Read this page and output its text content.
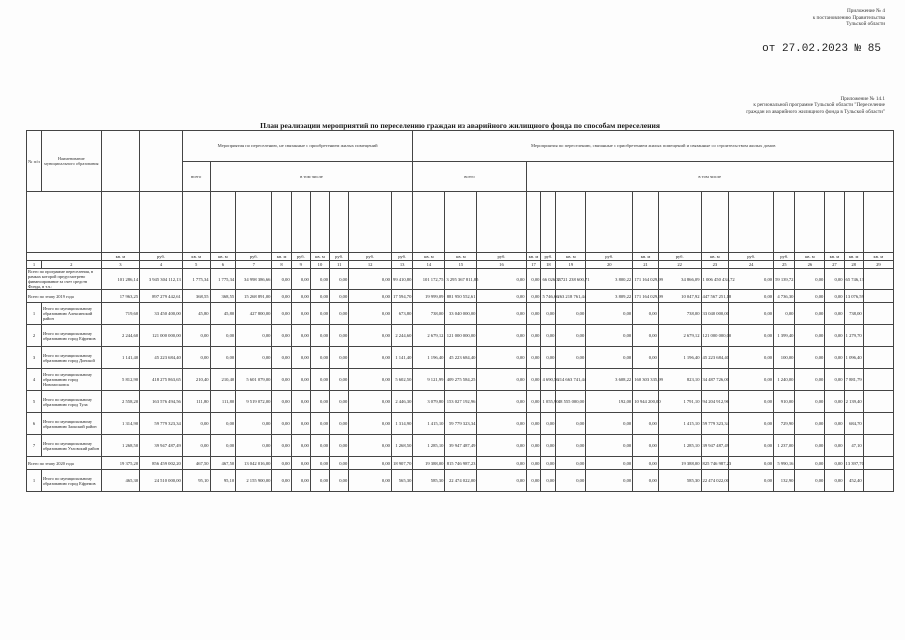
Приложение № 4
к постановлению Правительства
Тульской области
от 27.02.2023 № 85
Приложение № 14.1
к региональной программе Тульской области "Переселение
граждан из аварийного жилищного фонда в Тульской области"
План реализации мероприятий по переселению граждан из аварийного жилищного фонда по способам переселения
№ п/п	Наименование муниципального образования			Мероприятия по переселению, не связанные с приобретением жилых помещений									Мероприятия по переселению, связанные с приобретением жилых помещений и связанные со строительством жилых домов															
				всего	в том числе								всего			в том числе												

		кв. м	руб.	кв. м	кв. м	руб.	кв. м	руб.	кв. м	руб.	руб.	руб.	кв. м	кв. м	руб.	кв. м	руб.	кв. м	руб.	кв. м	руб.	кв. м	руб.	руб.	кв. м	кв. м	кв. м	кв. м
1	2	3	4	5	6	7	8	9	10	11	12	13	14	15	16	17	18	19	20	21	22	23	24	25	26	27	28	29
Всего по программе переселения, в рамках которой предусмотрено финансирование за счет средств Фонда, в т.ч.:		101 286,14	3 945 304 112,13	1 775,34	1 775,34	34 998 386,66	0,00	0,00	0,00	0,00	0,00	99 410,80	101 172,75	3 295 367 811,85	0,00	0,00	66 026,33	2 721 238 600,71	3 800,22	171 164 029,99	34 866,09	1 006 450 434,72	0,00	59 139,72	0,00	0,00	65 746,13	
Всего по этапу 2019 года		17 963,25	897 279 442,61	368,55	368,55	15 268 891,00	0,00	0,00	0,00	0,00	0,00	17 594,70	19 999,09	881 950 552,61	0,00	0,00	5 746,66	263 218 761,44	3 809,22	171 164 029,99	10 047,92	447 567 251,18	0,00	4 736,30	0,00	0,00	13 076,59	
1	Итого по муниципальному образованию Алексинский район	719,60	33 450 400,00	45,80	45,80	427 800,00	0,00	0,00	0,00	0,00	0,00	673,80	738,00	33 040 000,00	0,00	0,00	0,00	0,00	0,00	0,00	738,00	33 040 000,00	0,00	0,00	0,00	0,00	738,00	
2	Итого по муниципальному образованию город Ефремов	2 244,60	121 000 000,00	0,00	0,00	0,00	0,00	0,00	0,00	0,00	0,00	2 244,60	2 679,12	121 000 000,00	0,00	0,00	0,00	0,00	0,00	0,00	2 679,12	121 000 000,00	0,00	1 399,40	0,00	0,00	1 279,70	
3	Итого по муниципальному образованию город Донской	1 141,40	45 223 684,40	0,00	0,00	0,00	0,00	0,00	0,00	0,00	0,00	1 141,40	1 196,40	45 223 684,40	0,00	0,00	0,00	0,00	0,00	0,00	1 196,40	45 223 684,40	0,00	100,00	0,00	0,00	1 096,40	
4	Итого по муниципальному образованию город Новомосковск	5 812,90	418 275 863,65	210,40	210,40	5 601 079,00	0,00	0,00	0,00	0,00	0,00	5 602,50	9 121,99	409 275 584,25	0,00	0,00	4 690,56	214 663 741,44	3 608,22	160 303 335,99	823,10	34 487 726,00	0,00	1 240,00	0,00	0,00	7 881,79	
5	Итого по муниципальному образованию город Тула	2 558,20	163 576 494,56	111,80	111,80	9 519 072,00	0,00	0,00	0,00	0,00	0,00	2 446,30	3 079,80	153 027 192,96	0,00	0,00	1 055,90	48 555 000,00	192,00	10 944 200,00	1 791,10	94 204 912,96	0,00	910,00	0,00	0,00	2 139,40	
6	Итого по муниципальному образованию Заокский район	1 314,90	59 779 323,34	0,00	0,00	0,00	0,00	0,00	0,00	0,00	0,00	1 314,90	1 415,10	59 779 323,34	0,00	0,00	0,00	0,00	0,00	0,00	1 415,10	59 779 323,34	0,00	729,90	0,00	0,00	684,70	
7	Итого по муниципальному образованию Узловский район	1 268,50	39 947 487,49	0,00	0,00	0,00	0,00	0,00	0,00	0,00	0,00	1 268,50	1 285,10	39 947 487,49	0,00	0,00	0,00	0,00	0,00	0,00	1 285,10	39 947 487,49	0,00	1 237,00	0,00	0,00	47,10	
Всего по этапу 2020 года		19 375,20	856 459 002,20	467,50	467,50	13 042 016,00	0,00	0,00	0,00	0,00	0,00	18 907,70	19 388,00	815 746 987,23	0,00	0,00	0,00	0,00	0,00	0,00	19 388,00	825 746 987,23	0,00	5 990,16	0,00	0,00	13 397,70	
1	Итого по муниципальному образованию город Ефремов	465,30	24 510 000,00	95,10	95,10	2 155 900,00	0,00	0,00	0,00	0,00	0,00	565,30	585,30	22 474 022,00	0,00	0,00	0,00	0,00	0,00	0,00	585,30	22 474 022,00	0,00	132,90	0,00	0,00	452,40	
